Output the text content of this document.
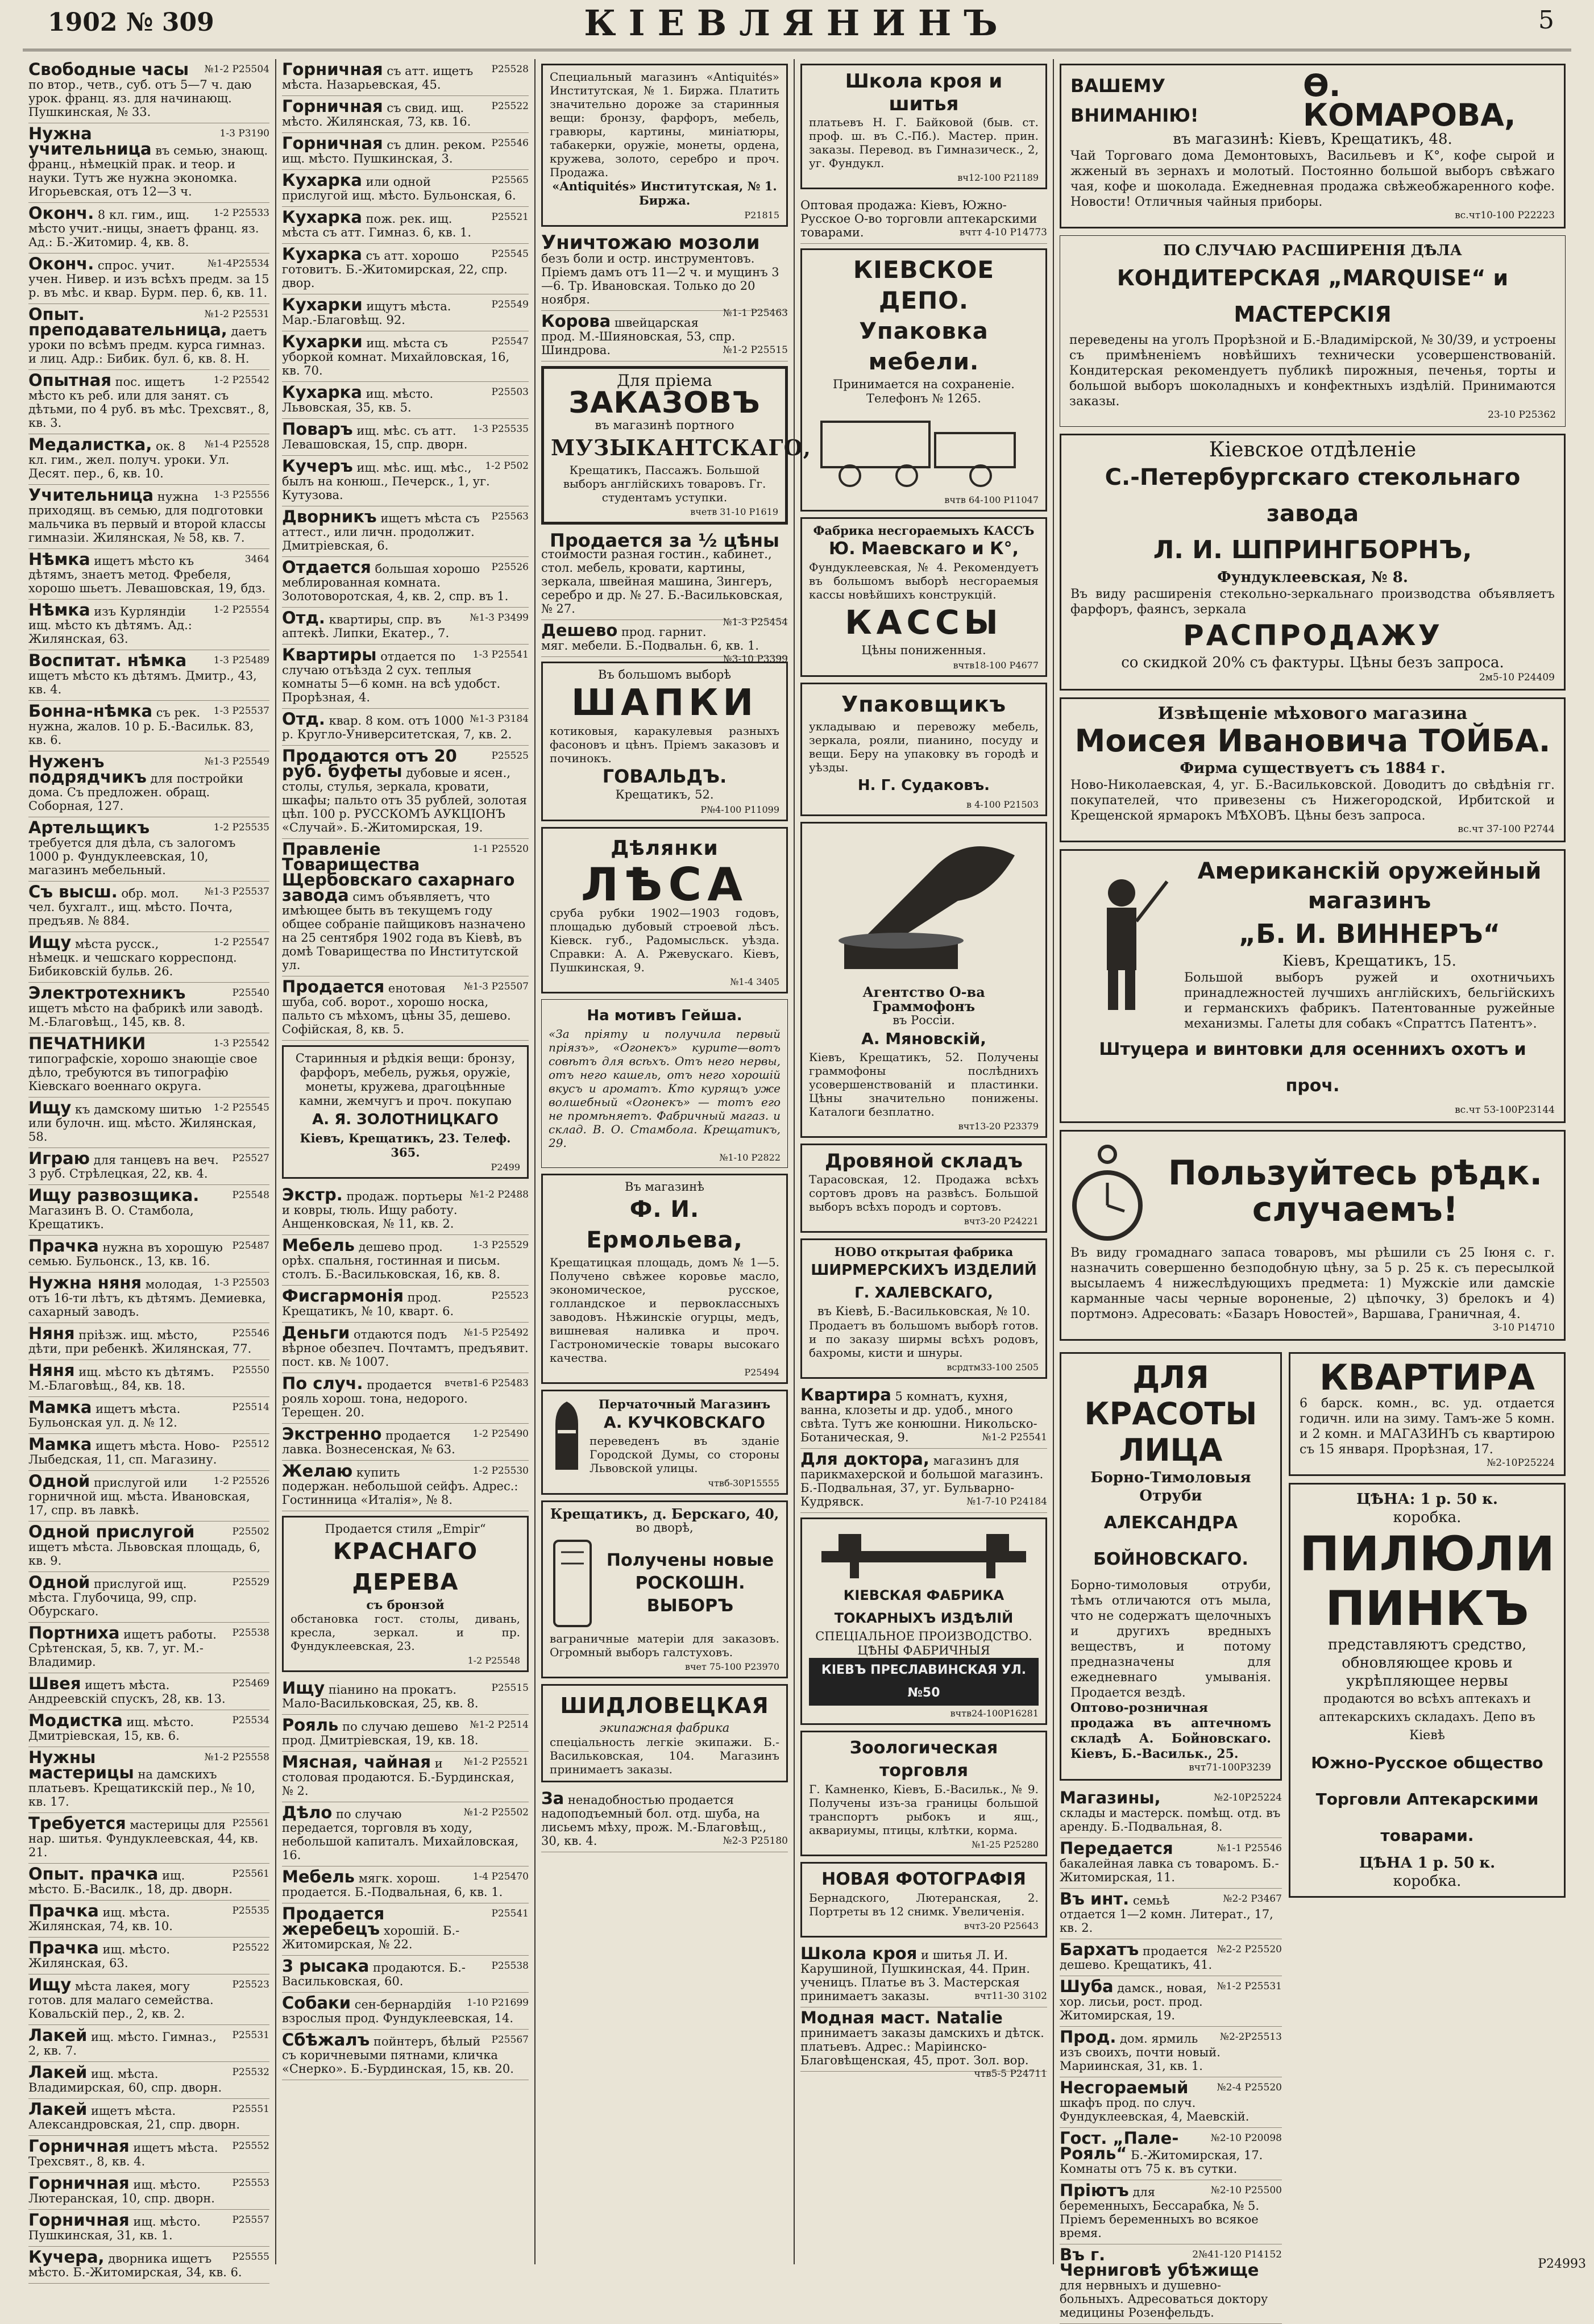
1902 № 309	КІЕВЛЯНИНЪ	5
№1-2 Р25504
Свободные часы по втор., четв., суб. отъ 5—7 ч. даю урок. франц. яз. для начинающ. Пушкинская, № 33.
1-3 Р3190
Нужна учительница въ семью, знающ. франц., нѣмецкій прак. и теор. и науки. Тутъ же нужна экономка. Игорьевская, отъ 12—3 ч.
1-2 Р25533
Оконч. 8 кл. гим., ищ. мѣсто учит.-ницы, знаетъ франц. яз. Ад.: Б.-Житомир. 4, кв. 8.
№1-4Р25534
Оконч. спрос. учит. учен. Нивер. и изъ всѣхъ предм. за 15 р. въ мѣс. и квар. Бурм. пер. 6, кв. 11.
№1-2 Р25531
Опыт. преподавательница, даетъ уроки по всѣмъ предм. курса гимназ. и лиц. Адр.: Бибик. бул. 6, кв. 8. Н.
1-2 Р25542
Опытная пос. ищетъ мѣсто къ реб. или для занят. съ дѣтьми, по 4 руб. въ мѣс. Трехсвят., 8, кв. 3.
№1-4 Р25528
Медалистка, ок. 8 кл. гим., жел. получ. уроки. Ул. Десят. пер., 6, кв. 10.
1-3 Р25556
Учительница нужна приходящ. въ семью, для подготовки мальчика въ первый и второй классы гимназіи. Жилянская, № 58, кв. 7.
3464
Нѣмка ищетъ мѣсто къ дѣтямъ, знаетъ метод. Фребеля, хорошо шьетъ. Левашовская, 19, бдз.
1-2 Р25554
Нѣмка изъ Курляндіи ищ. мѣсто къ дѣтямъ. Ад.: Жилянская, 63.
1-3 Р25489
Воспитат. нѣмка ищетъ мѣсто къ дѣтямъ. Дмитр., 43, кв. 4.
1-3 Р25537
Бонна-нѣмка съ рек. нужна, жалов. 10 р. Б.-Васильк. 83, кв. 6.
№1-3 Р25549
Нуженъ подрядчикъ для постройки дома. Съ предложен. обращ. Соборная, 127.
1-2 Р25535
Артельщикъ требуется для дѣла, съ залогомъ 1000 р. Фундуклеевская, 10, магазинъ мебельный.
№1-3 Р25537
Съ высш. обр. мол. чел. бухгалт., ищ. мѣсто. Почта, предъяв. № 884.
1-2 Р25547
Ищу мѣста русск., нѣмецк. и чешскаго корреспонд. Бибиковскій бульв. 26.
Р25540
Электротехникъ ищетъ мѣсто на фабрикѣ или заводѣ. М.-Благовѣщ., 145, кв. 8.
1-3 Р25542
ПЕЧАТНИКИ типографскіе, хорошо знающіе свое дѣло, требуются въ типографію Кіевскаго военнаго округа.
1-2 Р25545
Ищу къ дамскому шитью или булочн. ищ. мѣсто. Жилянская, 58.
Р25527
Играю для танцевъ на веч. 3 руб. Стрѣлецкая, 22, кв. 4.
Р25548
Ищу развозщика. Магазинъ В. О. Стамбола, Крещатикъ.
Р25487
Прачка нужна въ хорошую семью. Бульонск., 13, кв. 16.
1-3 Р25503
Нужна няня молодая, отъ 16-ти лѣтъ, къ дѣтямъ. Демиевка, сахарный заводъ.
Р25546
Няня пріѣзж. ищ. мѣсто, дѣти, при ребенкѣ. Жилянская, 77.
Р25550
Няня ищ. мѣсто къ дѣтямъ. М.-Благовѣщ., 84, кв. 18.
Р25514
Мамка ищетъ мѣста. Бульонская ул. д. № 12.
Р25512
Мамка ищетъ мѣста. Ново-Лыбедская, 11, сп. Магазину.
1-2 Р25526
Одной прислугой или горничной ищ. мѣста. Ивановская, 17, спр. въ лавкѣ.
Р25502
Одной прислугой ищетъ мѣста. Львовская площадь, 6, кв. 9.
Р25529
Одной прислугой ищ. мѣста. Глубочица, 99, спр. Обурскаго.
Р25538
Портниха ищетъ работы. Срѣтенская, 5, кв. 7, уг. М.-Владимир.
Р25469
Швея ищетъ мѣста. Андреевскій спускъ, 28, кв. 13.
Р25534
Модистка ищ. мѣсто. Дмитріевская, 15, кв. 6.
№1-2 Р25558
Нужны мастерицы на дамскихъ платьевъ. Крещатикскій пер., № 10, кв. 17.
Р25561
Требуется мастерицы для нар. шитья. Фундуклеевская, 44, кв. 21.
Р25561
Опыт. прачка ищ. мѣсто. Б.-Василк., 18, др. дворн.
Р25535
Прачка ищ. мѣста. Жилянская, 74, кв. 10.
Р25522
Прачка ищ. мѣсто. Жилянская, 63.
Р25523
Ищу мѣста лакея, могу готов. для малаго семейства. Ковальскій пер., 2, кв. 2.
Р25531
Лакей ищ. мѣсто. Гимназ., 2, кв. 7.
Р25532
Лакей ищ. мѣста. Владимирская, 60, спр. дворн.
Р25551
Лакей ищетъ мѣста. Александровская, 21, спр. дворн.
Р25552
Горничная ищетъ мѣста. Трехсвят., 8, кв. 4.
Р25553
Горничная ищ. мѣсто. Лютеранская, 10, спр. дворн.
Р25557
Горничная ищ. мѣсто. Пушкинская, 31, кв. 1.
Р25555
Кучера, дворника ищетъ мѣсто. Б.-Житомирская, 34, кв. 6.
Р25528
Горничная съ атт. ищетъ мѣста. Назарьевская, 45.
Р25522
Горничная съ свид. ищ. мѣсто. Жилянская, 73, кв. 16.
Р25546
Горничная съ длин. реком. ищ. мѣсто. Пушкинская, 3.
Р25565
Кухарка или одной прислугой ищ. мѣсто. Бульонская, 6.
Р25521
Кухарка пож. рек. ищ. мѣста съ атт. Гимназ. 6, кв. 1.
Р25545
Кухарка съ атт. хорошо готовитъ. Б.-Житомирская, 22, спр. двор.
Р25549
Кухарки ищутъ мѣста. Мар.-Благовѣщ. 92.
Р25547
Кухарки ищ. мѣста съ уборкой комнат. Михайловская, 16, кв. 70.
Р25503
Кухарка ищ. мѣсто. Львовская, 35, кв. 5.
1-3 Р25535
Поваръ ищ. мѣс. съ атт. Левашовская, 15, спр. дворн.
1-2 Р502
Кучеръ ищ. мѣс. ищ. мѣс., былъ на конюш., Печерск., 1, уг. Кутузова.
Р25563
Дворникъ ищетъ мѣста съ аттест., или личн. продолжит. Дмитріевская, 6.
Р25526
Отдается большая хорошо меблированная комната. Золотоворотская, 4, кв. 2, спр. въ 1.
№1-3 Р3499
Отд. квартиры, спр. въ аптекѣ. Липки, Екатер., 7.
1-3 Р25541
Квартиры отдается по случаю отъѣзда 2 сух. теплыя комнаты 5—6 комн. на всѣ удобст. Прорѣзная, 4.
№1-3 Р3184
Отд. квар. 8 ком. отъ 1000 р. Кругло-Университетская, 7, кв. 2.
Р25525
Продаются отъ 20 руб. буфеты дубовые и ясен., столы, стулья, зеркала, кровати, шкафы; пальто отъ 35 рублей, золотая цѣп. 100 р. РУССКОМЪ АУКЦІОНЪ «Случай». Б.-Житомирская, 19.
1-1 Р25520
Правленіе Товарищества Щербовскаго сахарнаго завода симъ объявляетъ, что имѣющее быть въ текущемъ году общее собраніе пайщиковъ назначено на 25 сентября 1902 года въ Кіевѣ, въ домѣ Товарищества по Институтской ул.
№1-3 Р25507
Продается енотовая шуба, соб. ворот., хорошо носка, пальто съ мѣхомъ, цѣны 35, дешево. Софійская, 8, кв. 5.
Старинныя и рѣдкія вещи: бронзу, фарфоръ, мебель, ружья, оружіе, монеты, кружева, драгоцѣнные камни, жемчугъ и проч. покупаю
А. Я. ЗОЛОТНИЦКАГО
Кіевъ, Крещатикъ, 23. Телеф. 365.
Р2499
№1-2 Р2488
Экстр. продаж. портьеры и ковры, тюль. Ищу работу. Анщенковская, № 11, кв. 2.
1-3 Р25529
Мебель дешево прод. орѣх. спальня, гостинная и письм. столъ. Б.-Васильковская, 16, кв. 8.
Р25523
Фисгармонія прод. Крещатикъ, № 10, кварт. 6.
№1-5 Р25492
Деньги отдаются подъ вѣрное обезпеч. Почтамтъ, предъявит. пост. кв. № 1007.
вчетв1-6 Р25483
По случ. продается рояль хорош. тона, недорого. Терещен. 20.
1-2 Р25490
Экстренно продается лавка. Вознесенская, № 63.
1-2 Р25530
Желаю купить подержан. небольшой сейфъ. Адрес.: Гостинница «Италія», № 8.
Продается стиля „Empir“
КРАСНАГО ДЕРЕВА
съ бронзой
обстановка гост. столы, дивань, кресла, зеркал. и пр. Фундуклеевская, 23.
1-2 Р25548
Р25515
Ищу піанино на прокатъ. Мало-Васильковская, 25, кв. 8.
№1-2 Р2514
Рояль по случаю дешево прод. Дмитріевская, 19, кв. 18.
№1-2 Р25521
Мясная, чайная и столовая продаются. Б.-Бурдинская, № 2.
№1-2 Р25502
Дѣло по случаю передается, торговля въ ходу, небольшой капиталъ. Михайловская, 16.
1-4 Р25470
Мебель мягк. хорош. продается. Б.-Подвальная, 6, кв. 1.
Р25541
Продается жеребецъ хорошій. Б.-Житомирская, № 22.
Р25538
3 рысака продаются. Б.-Васильковская, 60.
1-10 Р21699
Собаки сен-бернардійя взрослыя прод. Фундуклеевская, 14.
Р25567
Сбѣжалъ пойнтеръ, бѣлый съ коричневыми пятнами, кличка «Снерко». Б.-Бурдинская, 15, кв. 20.
Специальный магазинъ «Antiquités» Институтская, № 1. Биржа. Платить значительно дороже за старинныя вещи: бронзу, фарфоръ, мебель, гравюры, картины, миніатюры, табакерки, оружіе, монеты, ордена, кружева, золото, серебро и проч. Продажа.
«Antiquités» Институтская, № 1. Биржа.
Р21815
Уничтожаю мозоли
безъ боли и остр. инструментовъ. Пріемъ дамъ отъ 11—2 ч. и мущинъ 3—6. Тр. Ивановская. Только до 20 ноября.
№1-1 Р25463
Корова швейцарская прод. М.-Шияновская, 53, спр. Шиндрова.	№1-2 Р25515
Для пріема
ЗАКАЗОВЪ
въ магазинѣ портного
МУЗЫКАНТСКАГО,
Крещатикъ, Пассажъ. Большой выборъ англійскихъ товаровъ. Гг. студентамъ уступки.
вчетв 31-10 Р1619
Продается за ½ цѣны
стоимости разная гостин., кабинет., стол. мебель, кровати, картины, зеркала, швейная машина, Зингеръ, серебро и др. № 27. Б.-Васильковская, № 27.
№1-3 Р25454
Дешево прод. гарнит. мяг. мебели. Б.-Подвальн. 6, кв. 1.
№3-10 Р3399
Въ большомъ выборѣ
ШАПКИ
котиковыя, каракулевыя разныхъ фасоновъ и цѣнъ. Пріемъ заказовъ и починокъ.
ГОВАЛЬДЪ.
Крещатикъ, 52.
Р№4-100 Р11099
Дѣлянки
ЛѢСА
сруба рубки 1902—1903 годовъ, площадью дубовый строевой лѣсъ. Кіевск. губ., Радомысльск. уѣзда. Справки: А. А. Ржевускаго. Кіевъ, Пушкинская, 9.
№1-4 3405
На мотивъ Гейша.
«За пріяту и получила первый пріязъ», «Огонекъ» курите—вотъ совѣтъ для всѣхъ. Отъ него нервы, отъ него кашель, отъ него хорошій вкусъ и ароматъ. Кто курящъ уже волшебный «Огонекъ» — тотъ его не промѣняетъ. Фабричный магаз. и склад. В. О. Стамбола. Крещатикъ, 29.
№1-10 Р2822
Въ магазинѣ
Ф. И. Ермольева,
Крещатицкая площадь, домъ № 1—5. Получено свѣжее коровье масло, экономическое, русское, голландское и первоклассныхъ заводовъ. Нѣжинскіе огурцы, медъ, вишневая наливка и проч. Гастрономическіе товары высокаго качества.
Р25494
Перчаточный Магазинъ
А. КУЧКОВСКАГО
переведенъ въ зданіе Городской Думы, со стороны Львовской улицы.
чтвб-30Р15555
Крещатикъ, д. Берскаго, 40,
во дворѣ,
Получены новые РОСКОШН. ВЫБОРЪ
ваграничные матеріи для заказовъ. Огромный выборъ галстуховъ.
вчет 75-100 Р23970
ШИДЛОВЕЦКАЯ
экипажная фабрика
спеціальность легкіе экипажи. Б.-Васильковская, 104. Магазинъ принимаетъ заказы.
За ненадобностью продается надоподъемный бол. отд. шуба, на лисьемъ мѣху, прож. М.-Благовѣщ., 30, кв. 4.	№2-3 Р25180
Школа кроя и шитья
платьевъ Н. Г. Байковой (быв. ст. проф. ш. въ С.-Пб.). Мастер. прин. заказы. Перевод. въ Гимназическ., 2, уг. Фундукл.
вч12-100 Р21189
Оптовая продажа: Кіевъ, Южно-Русское О-во торговли аптекарскими товарами.	вчтт 4-10 Р14773
КІЕВСКОЕ ДЕПО.
Упаковка мебели.
Принимается на сохраненіе. Телефонъ № 1265.
вчтв 64-100 Р11047
Фабрика несгораемыхъ КАССЪ
Ю. Маевскаго и К°,
Фундуклеевская, № 4. Рекомендуетъ въ большомъ выборѣ несгораемыя кассы новѣйшихъ конструкцій.
КАССЫ
Цѣны пониженныя.
вчтв18-100 Р4677
Упаковщикъ
укладываю и перевожу мебель, зеркала, рояли, пианино, посуду и вещи. Беру на упаковку въ городѣ и уѣзды.
Н. Г. Судаковъ.
в 4-100 Р21503
Агентство О-ва Граммофонъ
въ Россіи.
А. Мяновскій,
Кіевъ, Крещатикъ, 52. Получены граммофоны послѣднихъ усовершенствованій и пластинки. Цѣны значительно понижены. Каталоги безплатно.
вчт13-20 Р23379
Дровяной складъ
Тарасовская, 12. Продажа всѣхъ сортовъ дровъ на развѣсъ. Большой выборъ всѣхъ породъ и сортовъ.
вчт3-20 Р24221
НОВО открытая фабрика
ШИРМЕРСКИХЪ ИЗДЕЛИЙ
Г. ХАЛЕВСКАГО,
въ Кіевѣ, Б.-Васильковская, № 10.
Продаетъ въ большомъ выборѣ готов. и по заказу ширмы всѣхъ родовъ, бахромы, кисти и шнуры.
всрдтм33-100 2505
Квартира 5 комнатъ, кухня, ванна, клозеты и др. удоб., много свѣта. Тутъ же конюшни. Никольско-Ботаническая, 9.	№1-2 Р25541
Для доктора, магазинъ для парикмахерской и большой магазинъ. Б.-Подвальная, 37, уг. Бульварно-Кудрявск.	№1-7-10 Р24184
КІЕВСКАЯ ФАБРИКА
ТОКАРНЫХЪ ИЗДѢЛІЙ
СПЕЦІАЛЬНОЕ ПРОИЗВОДСТВО. ЦѢНЫ ФАБРИЧНЫЯ
КІЕВЪ ПРЕСЛАВИНСКАЯ УЛ. №50
вчтв24-100Р16281
Зоологическая торговля
Г. Камненко, Кіевъ, Б.-Васильк., № 9. Получены изъ-за границы большой транспортъ рыбокъ и ящ., аквариумы, птицы, клѣтки, корма.
№1-25 Р25280
НОВАЯ ФОТОГРАФІЯ
Бернадского, Лютеранская, 2. Портреты въ 12 снимк. Увеличенія.
вчт3-20 Р25643
Школа кроя и шитья Л. И. Карушиной, Пушкинская, 44. Прин. ученицъ. Платье въ 3. Мастерская принимаетъ заказы.	вчт11-30 3102
Модная маст. Natalie принимаетъ заказы дамскихъ и дѣтск. платьевъ. Адрес.: Маріинско-Благовѣщенская, 45, прот. Зол. вор.
чтв5-5 Р24711
ВАШЕМУ ВНИМАНІЮ!
Ө. КОМАРОВА,
въ магазинѣ: Кіевъ, Крещатикъ, 48.
Чай Торговаго дома Демонтовыхъ, Васильевъ и К°, кофе сырой и жженый въ зернахъ и молотый. Постоянно большой выборъ свѣжаго чая, кофе и шоколада. Ежедневная продажа свѣжеобжаренного кофе. Новости! Отличныя чайныя приборы.
вс.чт10-100 Р22223
ПО СЛУЧАЮ РАСШИРЕНІЯ ДѢЛА
КОНДИТЕРСКАЯ „MARQUISE“ и МАСТЕРСКІЯ
переведены на уголъ Прорѣзной и Б.-Владимірской, № 30/39, и устроены съ примѣненіемъ новѣйшихъ технически усовершенствованій. Кондитерская рекомендуетъ публикѣ пирожныя, печенья, торты и большой выборъ шоколадныхъ и конфектныхъ издѣлій. Принимаются заказы.
23-10 Р25362
Кіевское отдѣленіе
С.-Петербургскаго стекольнаго завода
Л. И. ШПРИНГБОРНЪ,
Фундуклеевская, № 8.
Въ виду расширенія стекольно-зеркальнаго производства объявляетъ фарфоръ, фаянсъ, зеркала
РАСПРОДАЖУ
со скидкой 20% съ фактуры. Цѣны безъ запроса.
2м5-10 Р24409
Извѣщеніе мѣхового магазина
Моисея Ивановича ТОЙБА.
Фирма существуетъ съ 1884 г.
Ново-Николаевская, 4, уг. Б.-Васильковской. Доводитъ до свѣдѣнія гг. покупателей, что привезены съ Нижегородской, Ирбитской и Крещенской ярмарокъ МѢХОВЪ. Цѣны безъ запроса.
вс.чт 37-100 Р2744
Американскій оружейный магазинъ
„Б. И. ВИННЕРЪ“
Кіевъ, Крещатикъ, 15.
Большой выборъ ружей и охотничьихъ принадлежностей лучшихъ англійскихъ, бельгійскихъ и германскихъ фабрикъ. Патентованные ружейные механизмы. Галеты для собакъ «Спраттсъ Патентъ».
Штуцера и винтовки для осеннихъ охотъ и проч.
вс.чт 53-100Р23144
Пользуйтесь рѣдк. случаемъ!
Въ виду громаднаго запаса товаровъ, мы рѣшили съ 25 Іюня с. г. назначить совершенно безподобную цѣну, за 5 р. 25 к. съ пересылкой высылаемъ 4 нижеслѣдующихъ предмета: 1) Мужскіе или дамскіе карманные часы черные вороненые, 2) цѣпочку, 3) брелокъ и 4) портмонэ. Адресовать: «Базаръ Новостей», Варшава, Граничная, 4.
3-10 Р14710
ДЛЯ КРАСОТЫ
ЛИЦА
Борно-Тимоловыя Отруби
АЛЕКСАНДРА БОЙНОВСКАГО.
Борно-тимоловыя отруби, тѣмъ отличаются отъ мыла, что не содержатъ щелочныхъ и другихъ вредныхъ веществъ, и потому предназначены для ежедневнаго умыванія. Продается вездѣ.
Оптово-розничная продажа въ аптечномъ складѣ А. Бойновскаго. Кіевъ, Б.-Васильк., 25.
вчт71-100Р3239
№2-10Р25224
Магазины, склады и мастерск. помѣщ. отд. въ аренду. Б.-Подвальная, 8.
№1-1 Р25546
Передается бакалейная лавка съ товаромъ. Б.-Житомирская, 11.
№2-2 Р3467
Въ инт. семьѣ отдается 1—2 комн. Литерат., 17, кв. 2.
№2-2 Р25520
Бархатъ продается дешево. Крещатикъ, 41.
№1-2 Р25531
Шуба дамск., новая, хор. лисьи, рост. прод. Житомирская, 19.
№2-2Р25513
Прод. дом. ярмиль изъ своихъ, почти новый. Мариинская, 31, кв. 1.
№2-4 Р25520
Несгораемый шкафъ прод. по случ. Фундуклеевская, 4, Маевскій.
№2-10 Р20098
Гост. „Пале-Рояль“ Б.-Житомирская, 17. Комнаты отъ 75 к. въ сутки.
№2-10 Р25500
Пріютъ для беременныхъ, Бессарабка, № 5. Пріемъ беременныхъ во всякое время.
2№41-120 Р14152
Въ г. Черниговѣ убѣжище для нервныхъ и душевно-больныхъ. Адресоваться доктору медицины Розенфельдъ.
КВАРТИРА
6 барск. комн., вс. уд. отдается годичн. или на зиму. Тамъ-же 5 комн. и 2 комн. и МАГАЗИНЪ съ квартирою съ 15 января. Прорѣзная, 17.
№2-10Р25224
ЦѢНА: 1 р. 50 к.
коробка.
ПИЛЮЛИ
ПИНКЪ
представляютъ средство, обновляющее кровь и укрѣпляющее нервы
продаются во всѣхъ аптекахъ и аптекарскихъ складахъ. Депо въ Кіевѣ
Южно-Русское общество Торговли Аптекарскими товарами.
ЦѢНА 1 р. 50 к.
коробка.
Р24993
